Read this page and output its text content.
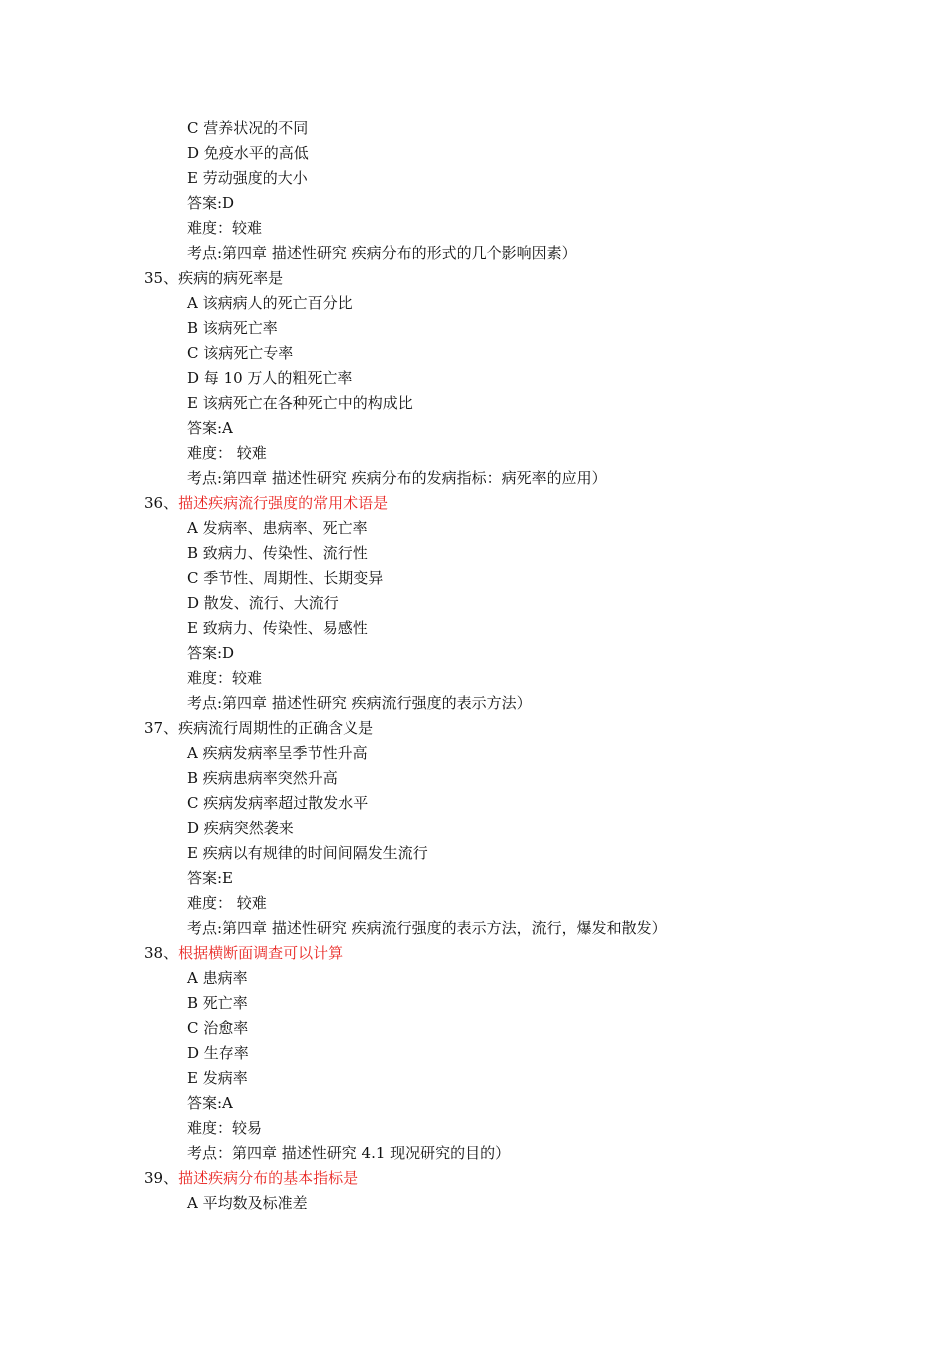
C 营养状况的不同
D 免疫水平的高低
E 劳动强度的大小
答案:D
难度：较难
考点:第四章 描述性研究 疾病分布的形式的几个影响因素）
35、疾病的病死率是
A 该病病人的死亡百分比
B 该病死亡率
C 该病死亡专率
D 每 10 万人的粗死亡率
E 该病死亡在各种死亡中的构成比
答案:A
难度： 较难
考点:第四章 描述性研究 疾病分布的发病指标：病死率的应用）
36、描述疾病流行强度的常用术语是
A 发病率、患病率、死亡率
B 致病力、传染性、流行性
C 季节性、周期性、长期变异
D 散发、流行、大流行
E 致病力、传染性、易感性
答案:D
难度：较难
考点:第四章 描述性研究 疾病流行强度的表示方法）
37、疾病流行周期性的正确含义是
A 疾病发病率呈季节性升高
B 疾病患病率突然升高
C 疾病发病率超过散发水平
D 疾病突然袭来
E 疾病以有规律的时间间隔发生流行
答案:E
难度： 较难
考点:第四章 描述性研究 疾病流行强度的表示方法，流行，爆发和散发）
38、根据横断面调查可以计算
A 患病率
B 死亡率
C 治愈率
D 生存率
E 发病率
答案:A
难度：较易
考点：第四章 描述性研究 4.1 现况研究的目的）
39、描述疾病分布的基本指标是
A 平均数及标准差
